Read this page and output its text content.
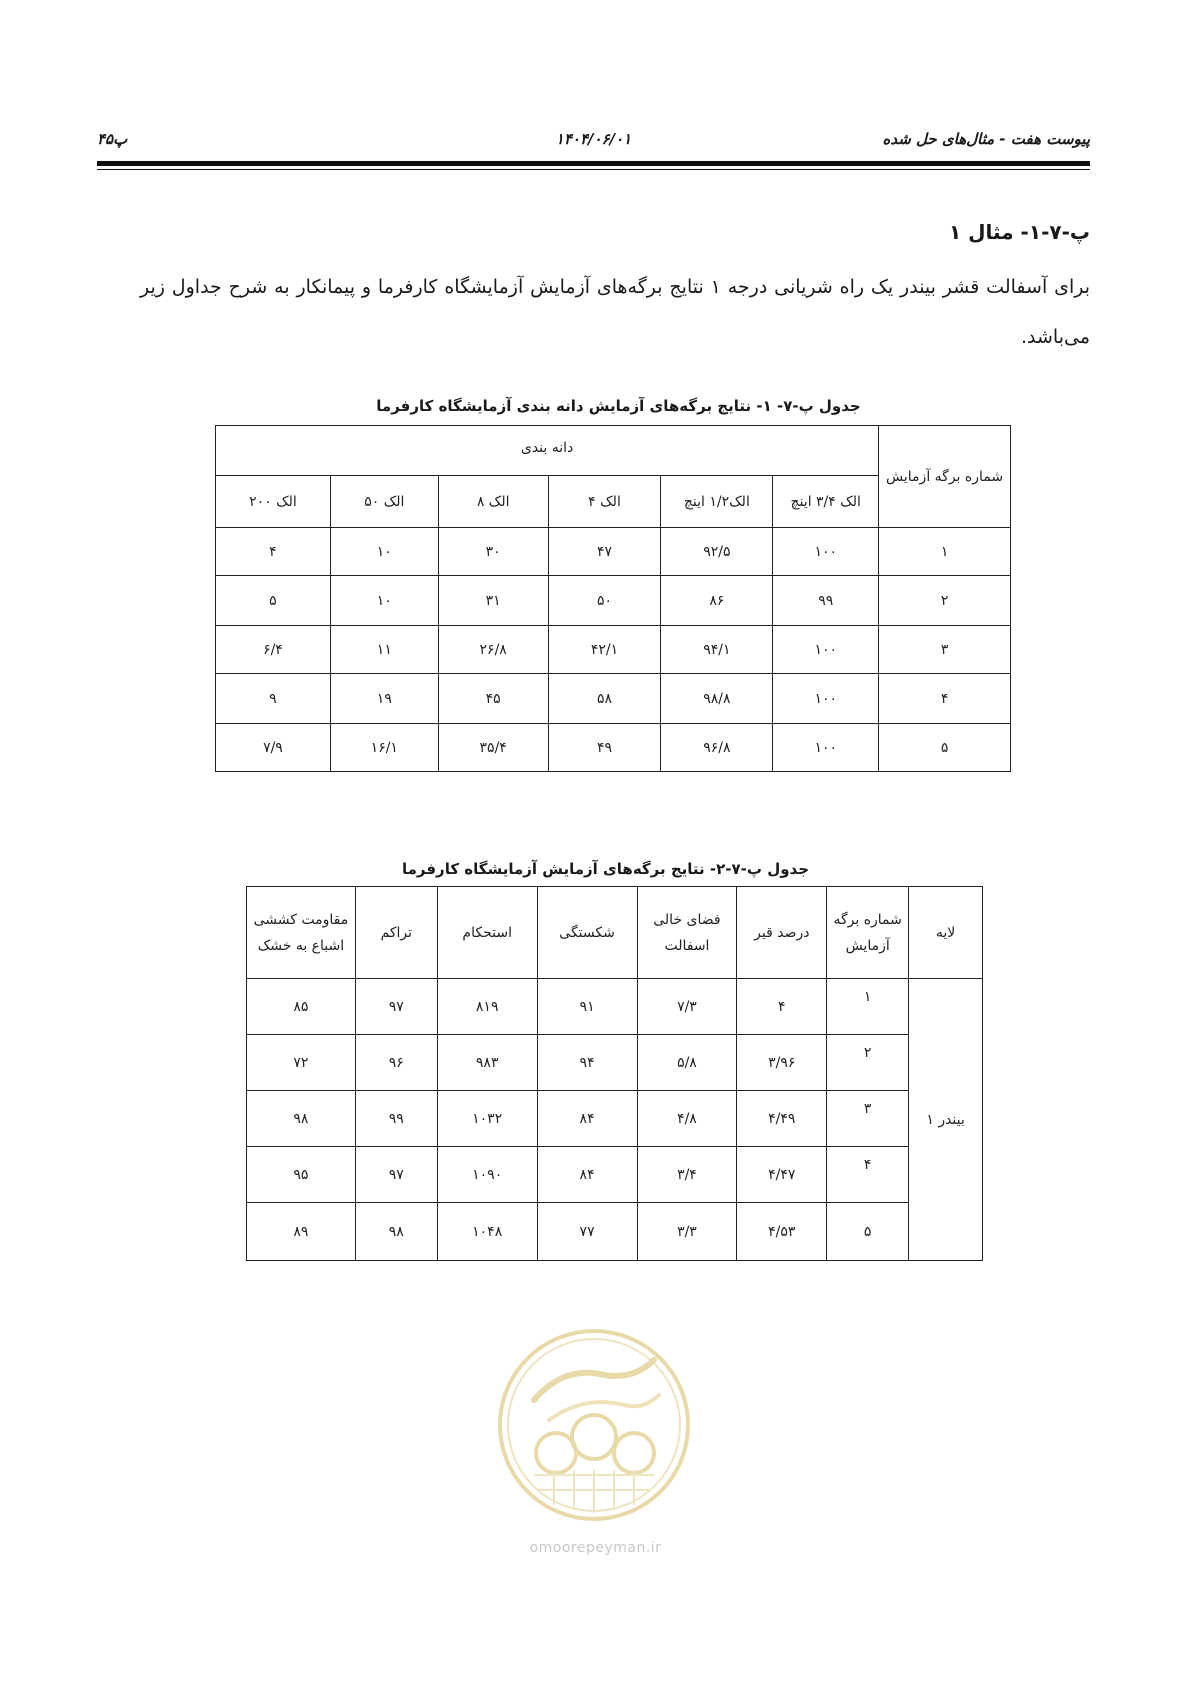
پیوست هفت - مثال‌های حل شده
۱۴۰۴/۰۶/۰۱
پ۴۵
پ-۷-۱- مثال ۱
برای آسفالت قشر بیندر یک راه شریانی درجه ۱ نتایج برگه‌های آزمایش آزمایشگاه کارفرما و پیمانکار به شرح جداول زیر می‌باشد.
جدول پ-۷- ۱- نتایج برگه‌های آزمایش دانه بندی آزمایشگاه کارفرما
شماره برگه آزمایش	دانه بندی					
	الک ۳/۴ اینچ	الک۱/۲ اینچ	الک ۴	الک ۸	الک ۵۰	الک ۲۰۰
۱	۱۰۰	۹۲/۵	۴۷	۳۰	۱۰	۴
۲	۹۹	۸۶	۵۰	۳۱	۱۰	۵
۳	۱۰۰	۹۴/۱	۴۲/۱	۲۶/۸	۱۱	۶/۴
۴	۱۰۰	۹۸/۸	۵۸	۴۵	۱۹	۹
۵	۱۰۰	۹۶/۸	۴۹	۳۵/۴	۱۶/۱	۷/۹
جدول پ-۷-۲- نتایج برگه‌های آزمایش آزمایشگاه کارفرما
لایه	شماره برگه آزمایش	درصد قیر	فضای خالی اسفالت	شکستگی	استحکام	تراکم	مقاومت کششی اشباع به خشک
بیندر ۱	۱	۴	۷/۳	۹۱	۸۱۹	۹۷	۸۵
	۲	۳/۹۶	۵/۸	۹۴	۹۸۳	۹۶	۷۲
	۳	۴/۴۹	۴/۸	۸۴	۱۰۳۲	۹۹	۹۸
	۴	۴/۴۷	۳/۴	۸۴	۱۰۹۰	۹۷	۹۵
	۵	۴/۵۳	۳/۳	۷۷	۱۰۴۸	۹۸	۸۹
omoorepeyman.ir
